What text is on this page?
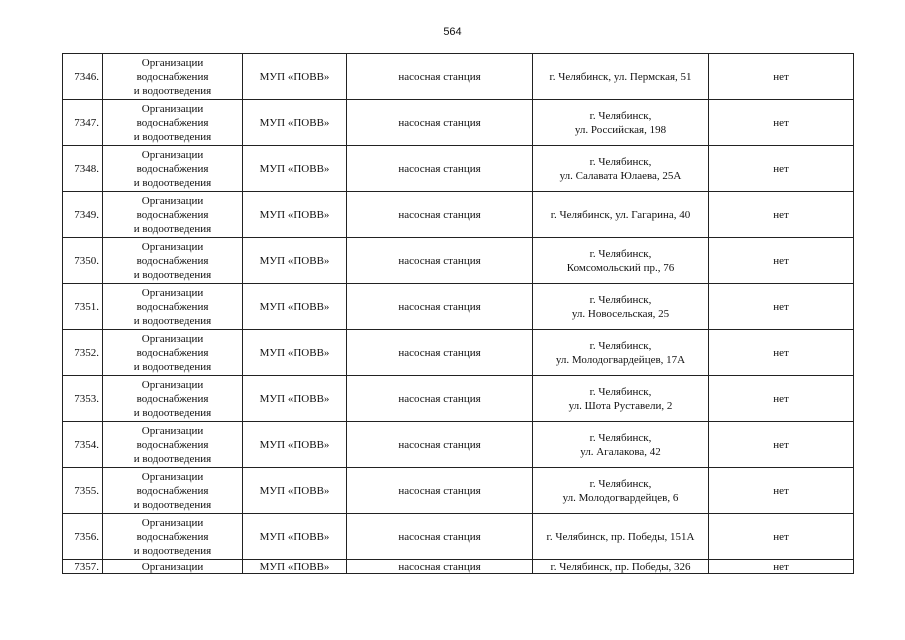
564
7346.	Организации
водоснабжения
и водоотведения	МУП «ПОВВ»	насосная станция	г. Челябинск, ул. Пермская, 51	нет
7347.	Организации
водоснабжения
и водоотведения	МУП «ПОВВ»	насосная станция	г. Челябинск,
ул. Российская, 198	нет
7348.	Организации
водоснабжения
и водоотведения	МУП «ПОВВ»	насосная станция	г. Челябинск,
ул. Салавата Юлаева, 25А	нет
7349.	Организации
водоснабжения
и водоотведения	МУП «ПОВВ»	насосная станция	г. Челябинск, ул. Гагарина, 40	нет
7350.	Организации
водоснабжения
и водоотведения	МУП «ПОВВ»	насосная станция	г. Челябинск,
Комсомольский пр., 76	нет
7351.	Организации
водоснабжения
и водоотведения	МУП «ПОВВ»	насосная станция	г. Челябинск,
ул. Новосельская, 25	нет
7352.	Организации
водоснабжения
и водоотведения	МУП «ПОВВ»	насосная станция	г. Челябинск,
ул. Молодогвардейцев, 17А	нет
7353.	Организации
водоснабжения
и водоотведения	МУП «ПОВВ»	насосная станция	г. Челябинск,
ул. Шота Руставели, 2	нет
7354.	Организации
водоснабжения
и водоотведения	МУП «ПОВВ»	насосная станция	г. Челябинск,
ул. Агалакова, 42	нет
7355.	Организации
водоснабжения
и водоотведения	МУП «ПОВВ»	насосная станция	г. Челябинск,
ул. Молодогвардейцев, 6	нет
7356.	Организации
водоснабжения
и водоотведения	МУП «ПОВВ»	насосная станция	г. Челябинск, пр. Победы, 151А	нет
7357.	Организации	МУП «ПОВВ»	насосная станция	г. Челябинск, пр. Победы, 326	нет
